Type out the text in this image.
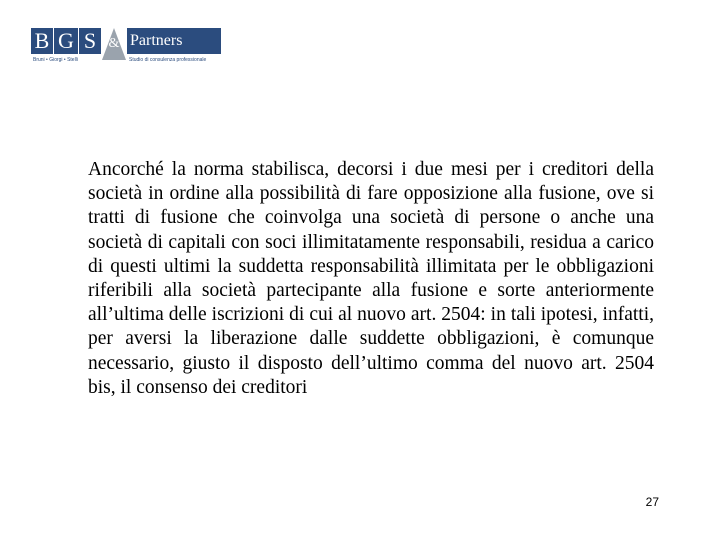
B G S & Partners
Bruni • Giorgi • Stelli	Studio di consulenza professionale

Ancorché la norma stabilisca, decorsi i due mesi per i creditori della società in ordine alla possibilità di fare opposizione alla fusione, ove si tratti di fusione che coinvolga una società di persone o anche una società di capitali con soci illimitatamente responsabili, residua a carico di questi ultimi la suddetta responsabilità illimitata per le obbligazioni riferibili alla società partecipante alla fusione e sorte anteriormente all’ultima delle iscrizioni di cui al nuovo art. 2504: in tali ipotesi, infatti, per aversi la liberazione dalle suddette obbligazioni, è comunque necessario, giusto il disposto dell’ultimo comma del nuovo art. 2504 bis, il consenso dei creditori

27
